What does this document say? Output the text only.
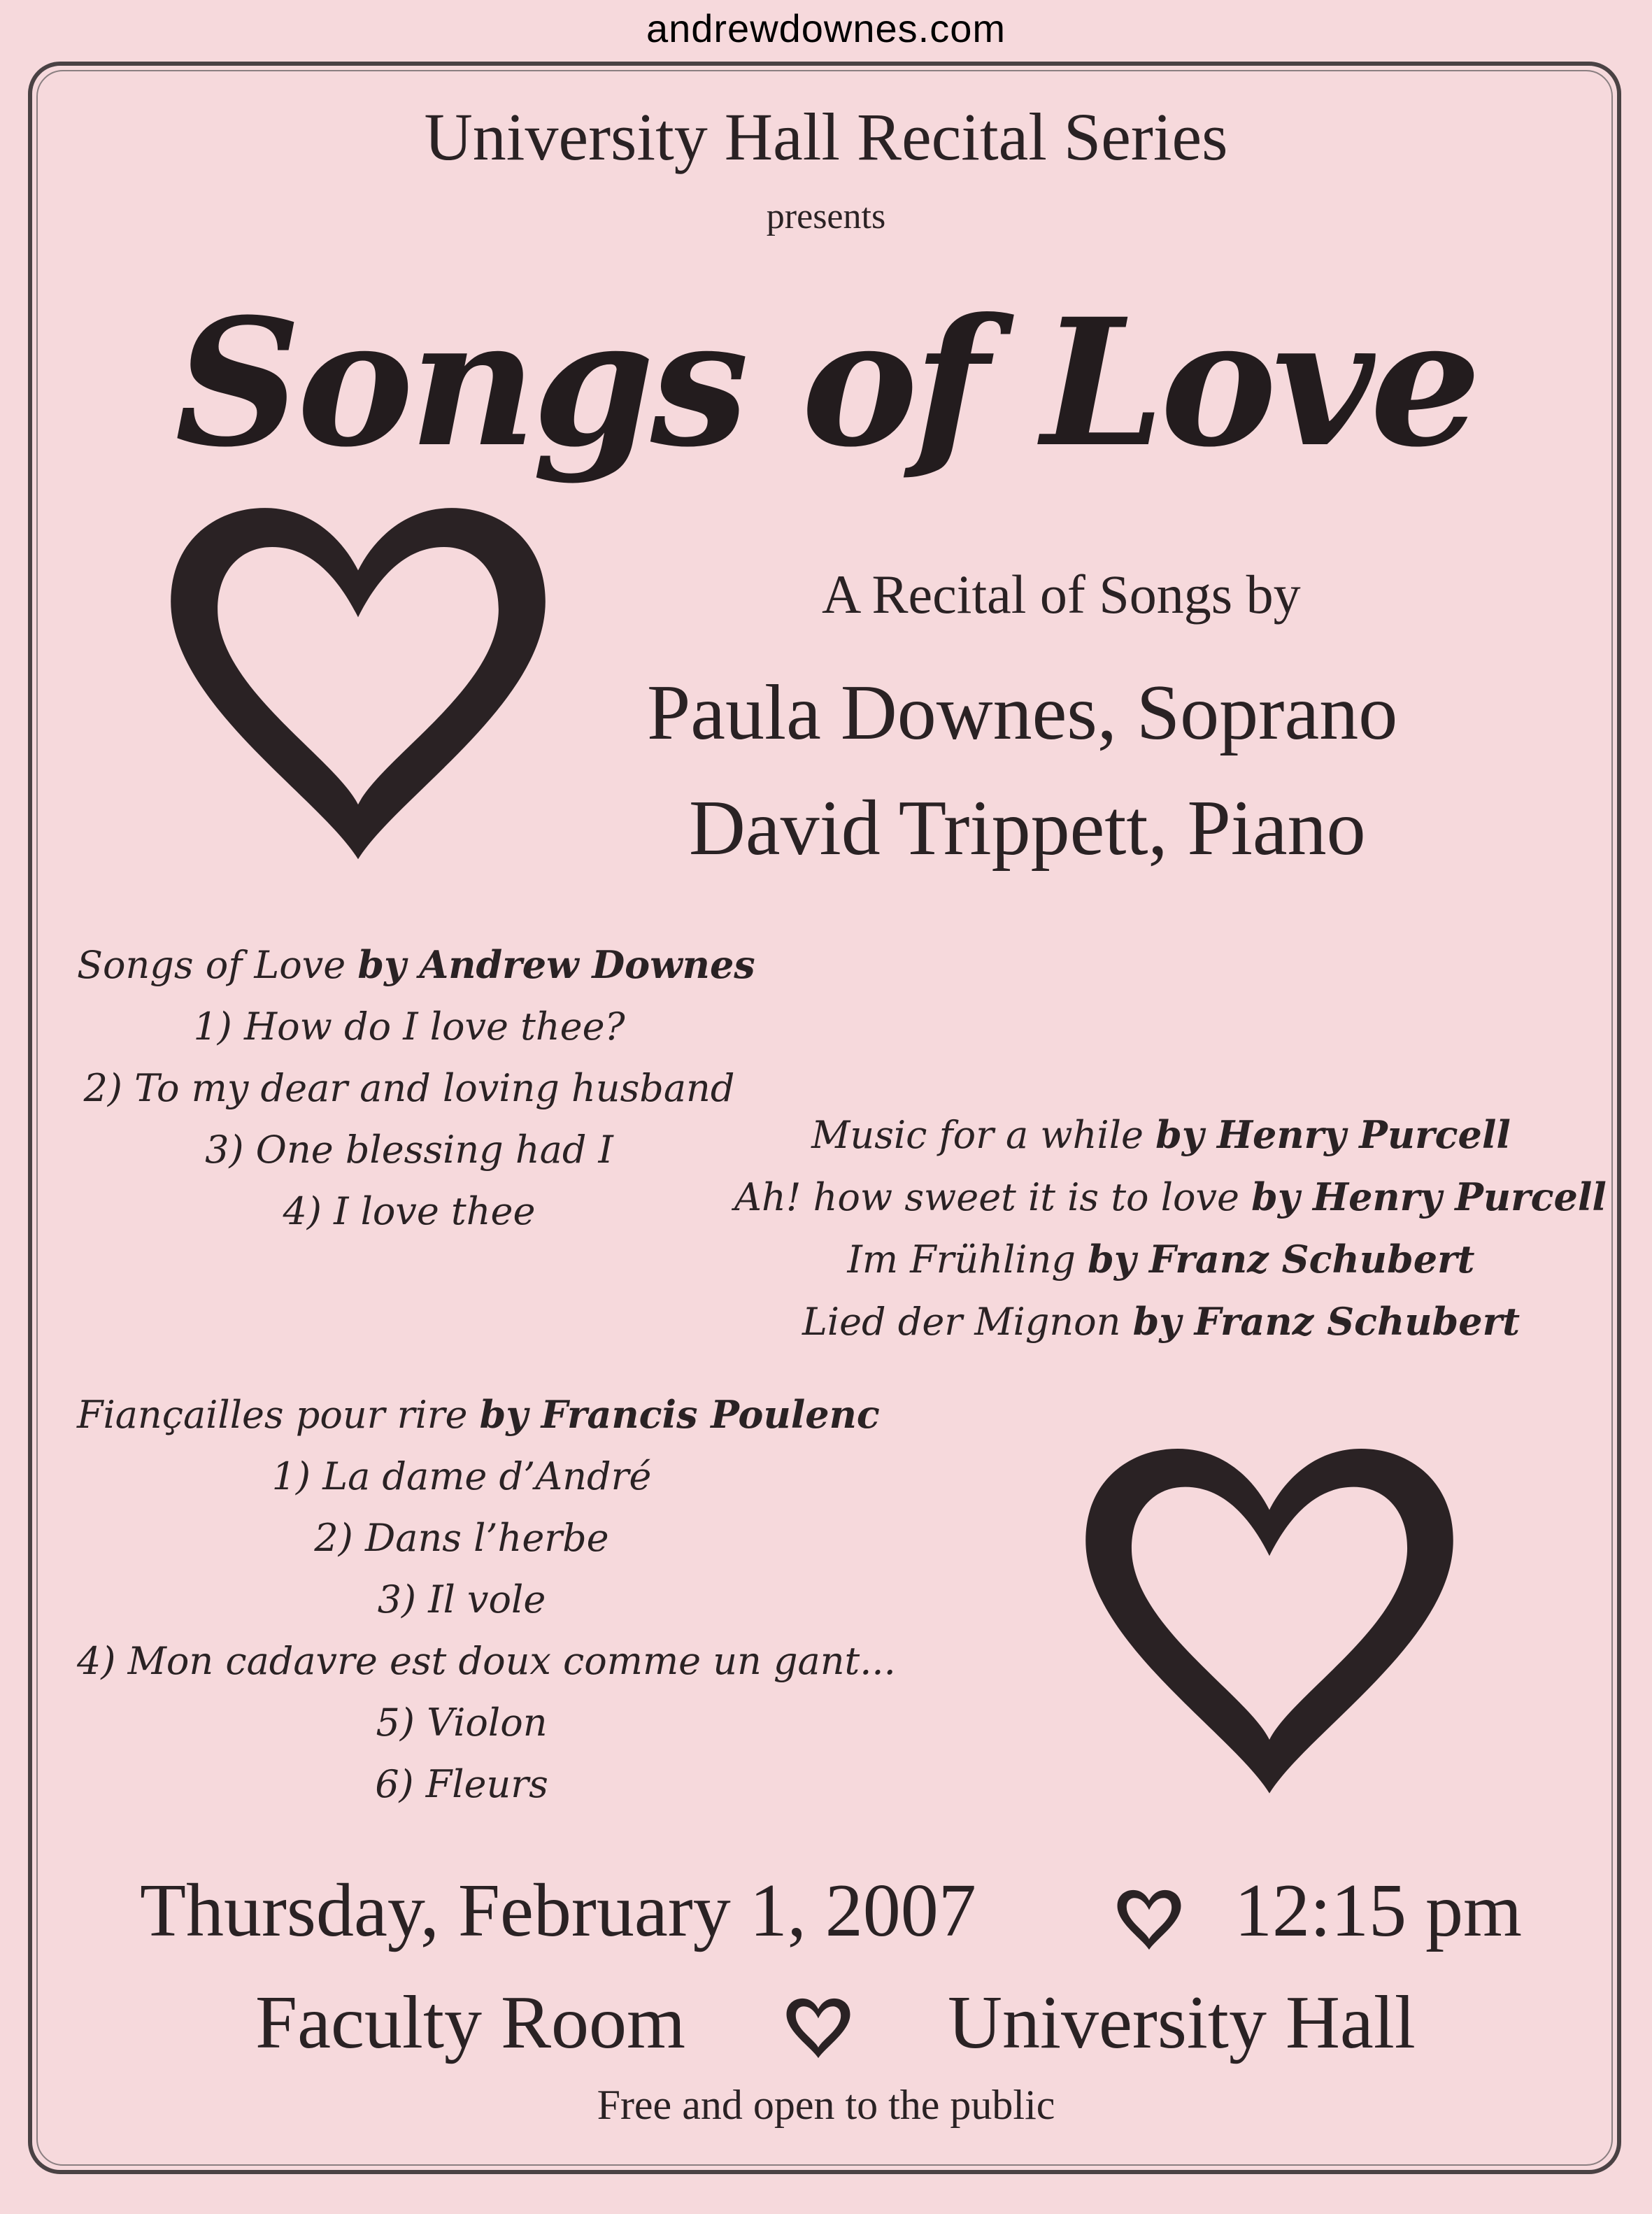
andrewdownes.com
University Hall Recital Series
presents
Songs of Love
A Recital of Songs by
Paula Downes, Soprano
David Trippett, Piano
Songs of Love by Andrew Downes
1) How do I love thee?
2) To my dear and loving husband
3) One blessing had I
4) I love thee
Music for a while by Henry Purcell
Ah! how sweet it is to love by Henry Purcell
Im Frühling by Franz Schubert
Lied der Mignon by Franz Schubert
Fiançailles pour rire by Francis Poulenc
1) La dame d’André
2) Dans l’herbe
3) Il vole
4) Mon cadavre est doux comme un gant...
5) Violon
6) Fleurs
Thursday, February 1, 2007	12:15 pm
Faculty Room	University Hall
Free and open to the public
